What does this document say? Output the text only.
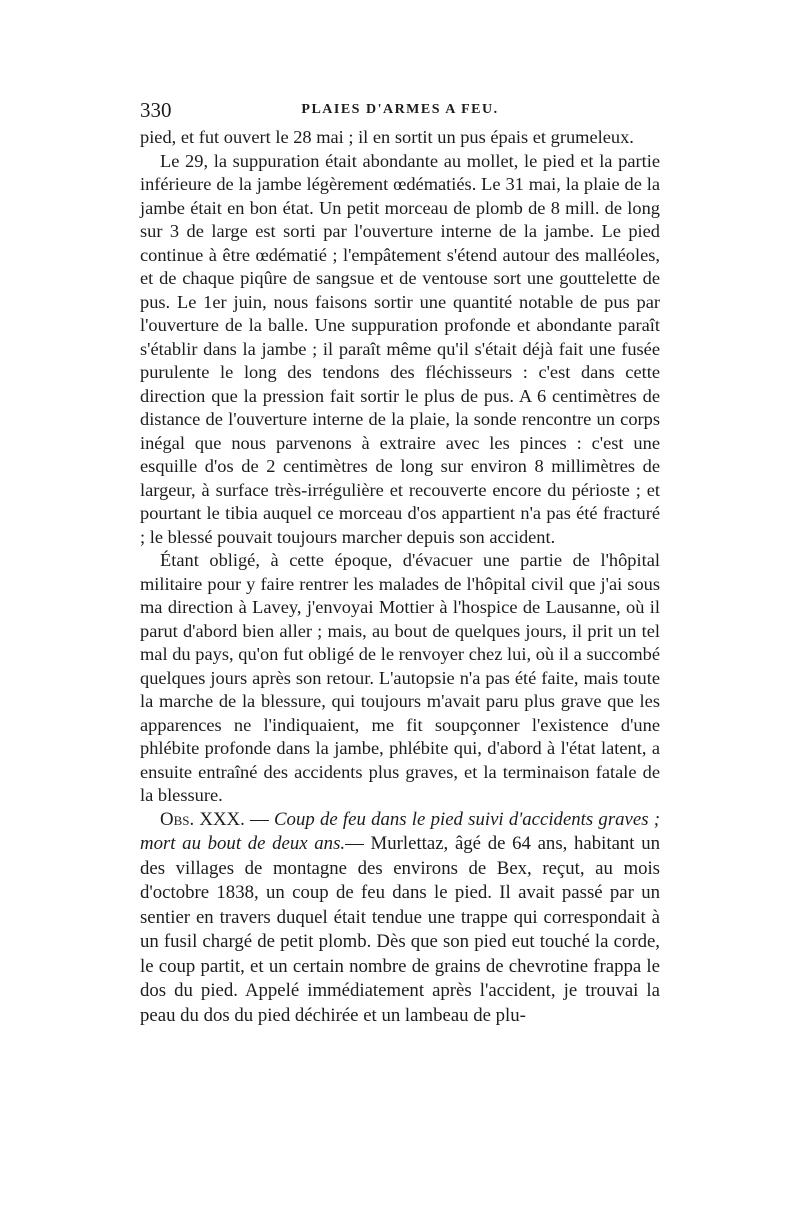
330	PLAIES D'ARMES A FEU.

pied, et fut ouvert le 28 mai ; il en sortit un pus épais et grumeleux.

Le 29, la suppuration était abondante au mollet, le pied et la partie inférieure de la jambe légèrement œdématiés. Le 31 mai, la plaie de la jambe était en bon état. Un petit morceau de plomb de 8 mill. de long sur 3 de large est sorti par l'ouverture interne de la jambe. Le pied continue à être œdématié ; l'empâtement s'étend autour des malléoles, et de chaque piqûre de sangsue et de ventouse sort une gouttelette de pus. Le 1er juin, nous faisons sortir une quantité notable de pus par l'ouverture de la balle. Une suppuration profonde et abondante paraît s'établir dans la jambe ; il paraît même qu'il s'était déjà fait une fusée purulente le long des tendons des fléchisseurs : c'est dans cette direction que la pression fait sortir le plus de pus. A 6 centimètres de distance de l'ouverture interne de la plaie, la sonde rencontre un corps inégal que nous parvenons à extraire avec les pinces : c'est une esquille d'os de 2 centimètres de long sur environ 8 millimètres de largeur, à surface très-irrégulière et recouverte encore du périoste ; et pourtant le tibia auquel ce morceau d'os appartient n'a pas été fracturé ; le blessé pouvait toujours marcher depuis son accident.

Étant obligé, à cette époque, d'évacuer une partie de l'hôpital militaire pour y faire rentrer les malades de l'hôpital civil que j'ai sous ma direction à Lavey, j'envoyai Mottier à l'hospice de Lausanne, où il parut d'abord bien aller ; mais, au bout de quelques jours, il prit un tel mal du pays, qu'on fut obligé de le renvoyer chez lui, où il a succombé quelques jours après son retour. L'autopsie n'a pas été faite, mais toute la marche de la blessure, qui toujours m'avait paru plus grave que les apparences ne l'indiquaient, me fit soupçonner l'existence d'une phlébite profonde dans la jambe, phlébite qui, d'abord à l'état latent, a ensuite entraîné des accidents plus graves, et la terminaison fatale de la blessure.

Obs. XXX. — Coup de feu dans le pied suivi d'accidents graves ; mort au bout de deux ans.— Murlettaz, âgé de 64 ans, habitant un des villages de montagne des environs de Bex, reçut, au mois d'octobre 1838, un coup de feu dans le pied. Il avait passé par un sentier en travers duquel était tendue une trappe qui correspondait à un fusil chargé de petit plomb. Dès que son pied eut touché la corde, le coup partit, et un certain nombre de grains de chevrotine frappa le dos du pied. Appelé immédiatement après l'accident, je trouvai la peau du dos du pied déchirée et un lambeau de plu-
